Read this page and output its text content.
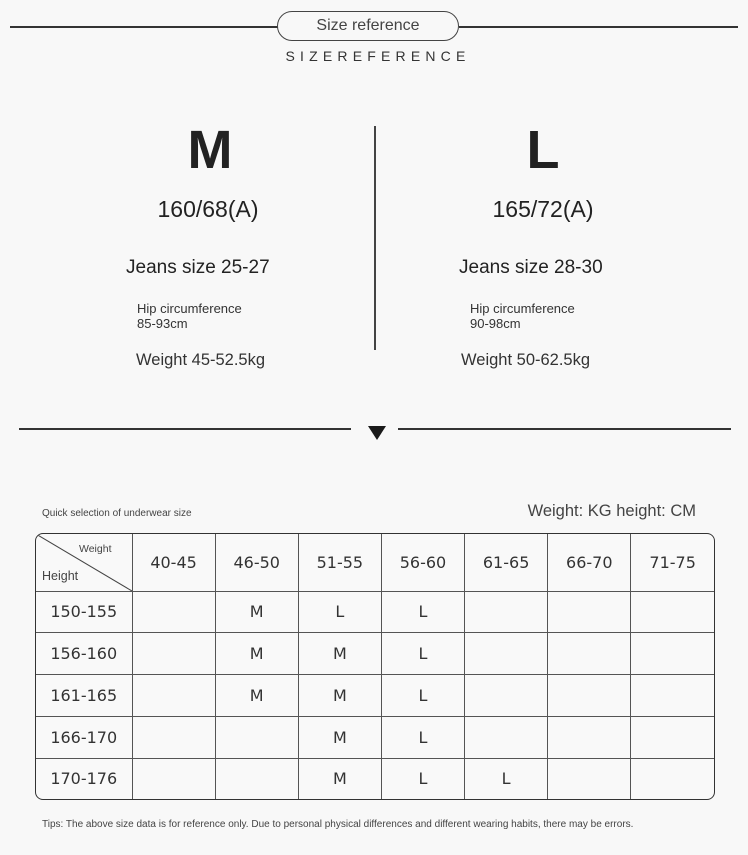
Size reference
SIZEREFERENCE
M
160/68(A)
Jeans size 25-27
Hip circumference
85-93cm
Weight 45-52.5kg
L
165/72(A)
Jeans size 28-30
Hip circumference
90-98cm
Weight 50-62.5kg
Quick selection of underwear size	Weight: KG height: CM
Weight
Height	40-45	46-50	51-55	56-60	61-65	66-70	71-75
150-155		M	L	L			
156-160		M	M	L			
161-165		M	M	L			
166-170			M	L			
170-176			M	L	L		
Tips: The above size data is for reference only. Due to personal physical differences and different wearing habits, there may be errors.
